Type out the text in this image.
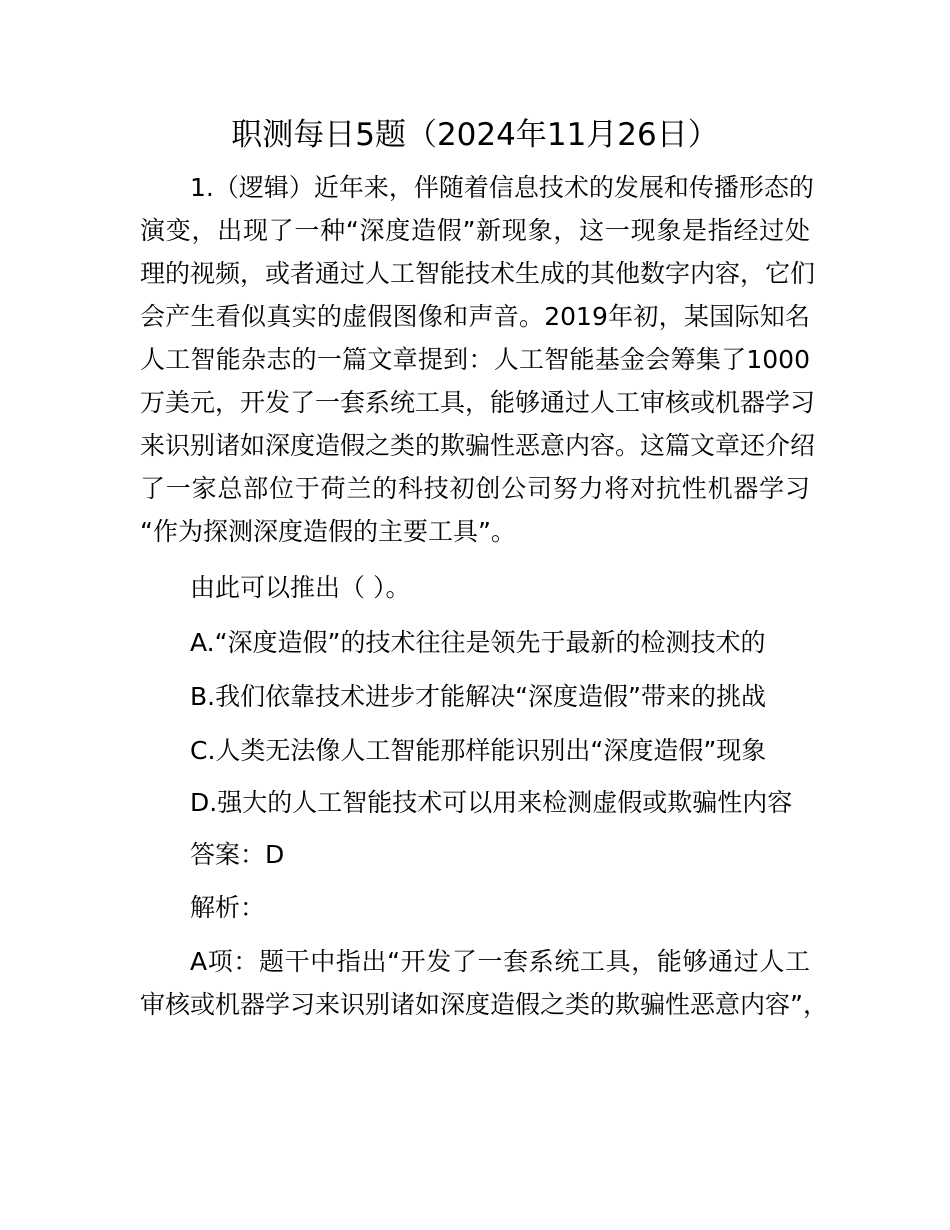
职测每日5题（2024年11月26日）
1.（逻辑）近年来，伴随着信息技术的发展和传播形态的
演变，出现了一种“深度造假”新现象，这一现象是指经过处
理的视频，或者通过人工智能技术生成的其他数字内容，它们
会产生看似真实的虚假图像和声音。2019年初，某国际知名
人工智能杂志的一篇文章提到：人工智能基金会筹集了1000
万美元，开发了一套系统工具，能够通过人工审核或机器学习
来识别诸如深度造假之类的欺骗性恶意内容。这篇文章还介绍
了一家总部位于荷兰的科技初创公司努力将对抗性机器学习
“作为探测深度造假的主要工具”。
由此可以推出（ ）。
A.“深度造假”的技术往往是领先于最新的检测技术的
B.我们依靠技术进步才能解决“深度造假”带来的挑战
C.人类无法像人工智能那样能识别出“深度造假”现象
D.强大的人工智能技术可以用来检测虚假或欺骗性内容
答案：D
解析：
A项：题干中指出“开发了一套系统工具，能够通过人工
审核或机器学习来识别诸如深度造假之类的欺骗性恶意内容”，
